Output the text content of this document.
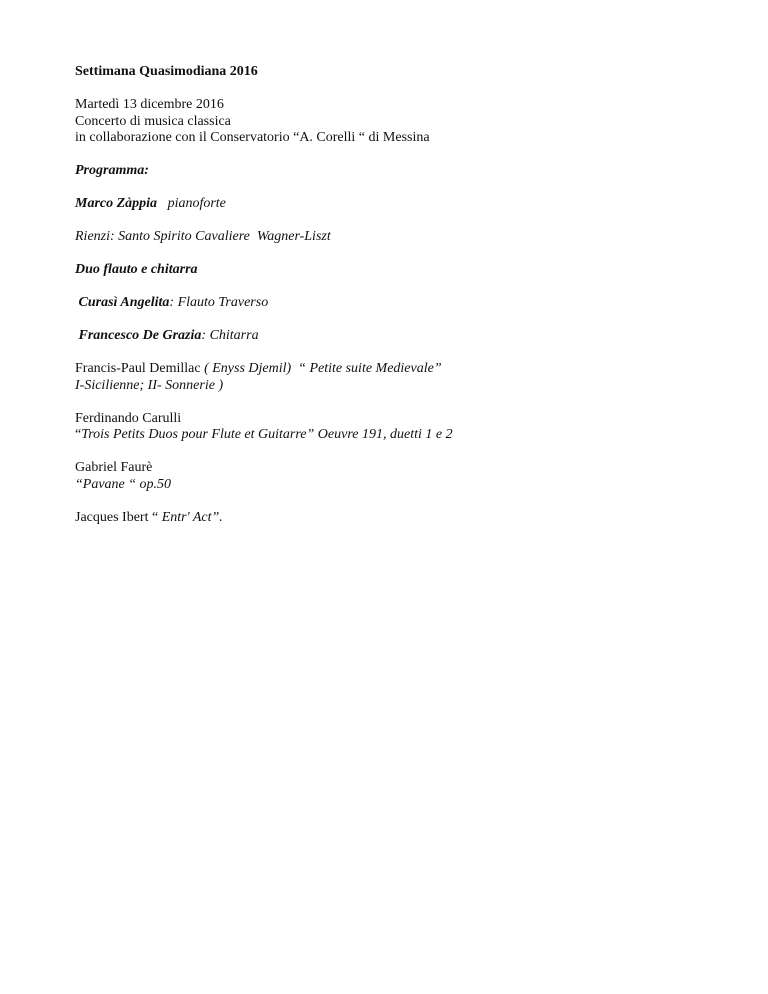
Settimana Quasimodiana 2016
Martedì 13 dicembre 2016
Concerto di musica classica
in collaborazione con il Conservatorio “A. Corelli “ di Messina
Programma:
Marco Zàppia pianoforte
Rienzi: Santo Spirito Cavaliere  Wagner-Liszt
Duo flauto e chitarra
Curasì Angelita: Flauto Traverso
Francesco De Grazia: Chitarra
Francis-Paul Demillac ( Enyss Djemil)  “ Petite suite Medievale”
I-Sicilienne; II- Sonnerie )
Ferdinando Carulli
“Trois Petits Duos pour Flute et Guitarre” Oeuvre 191, duetti 1 e 2
Gabriel Faurè
“Pavane “ op.50
Jacques Ibert “ Entr' Act”.
